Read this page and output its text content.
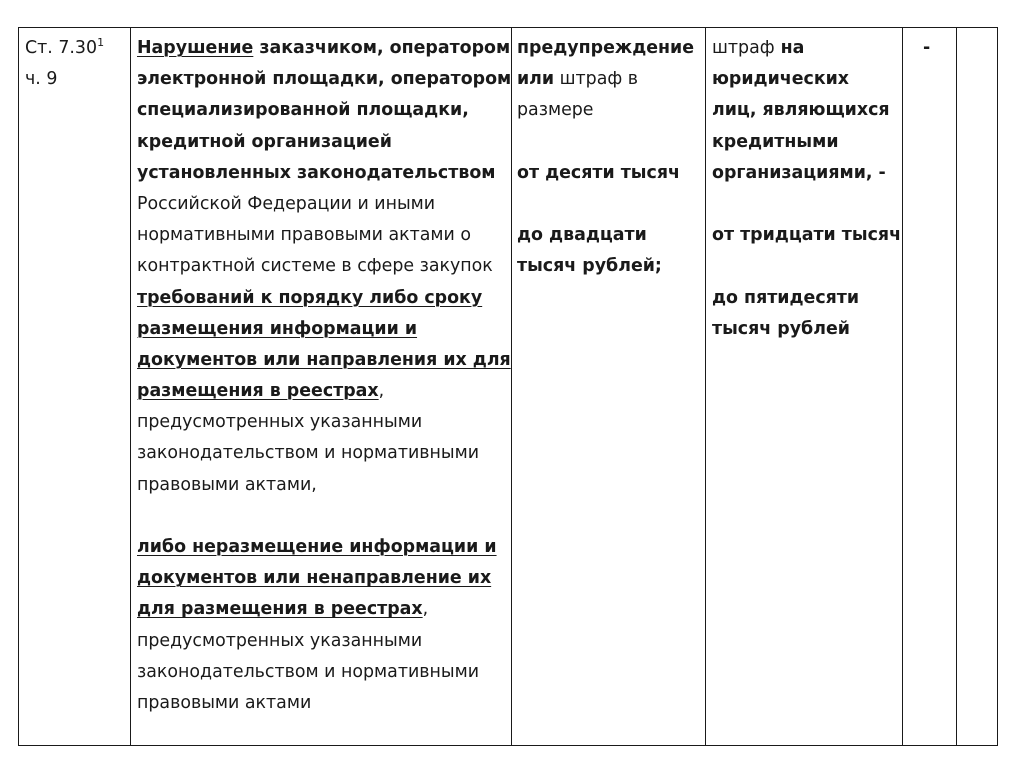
Ст. 7.30$^1$
ч. 9
Нарушение заказчиком, оператором
электронной площадки, оператором
специализированной площадки,
кредитной организацией
установленных законодательством
Российской Федерации и иными
нормативными правовыми актами о
контрактной системе в сфере закупок
требований к порядку либо сроку
размещения информации и
документов или направления их для
размещения в реестрах,
предусмотренных указанными
законодательством и нормативными
правовыми актами,
либо неразмещение информации и
документов или ненаправление их
для размещения в реестрах,
предусмотренных указанными
законодательством и нормативными
правовыми актами
предупреждение
или штраф в
размере
от десяти тысяч
до двадцати
тысяч рублей;
штраф на
юридических
лиц, являющихся
кредитными
организациями, -
от тридцати тысяч
до пятидесяти
тысяч рублей
-
